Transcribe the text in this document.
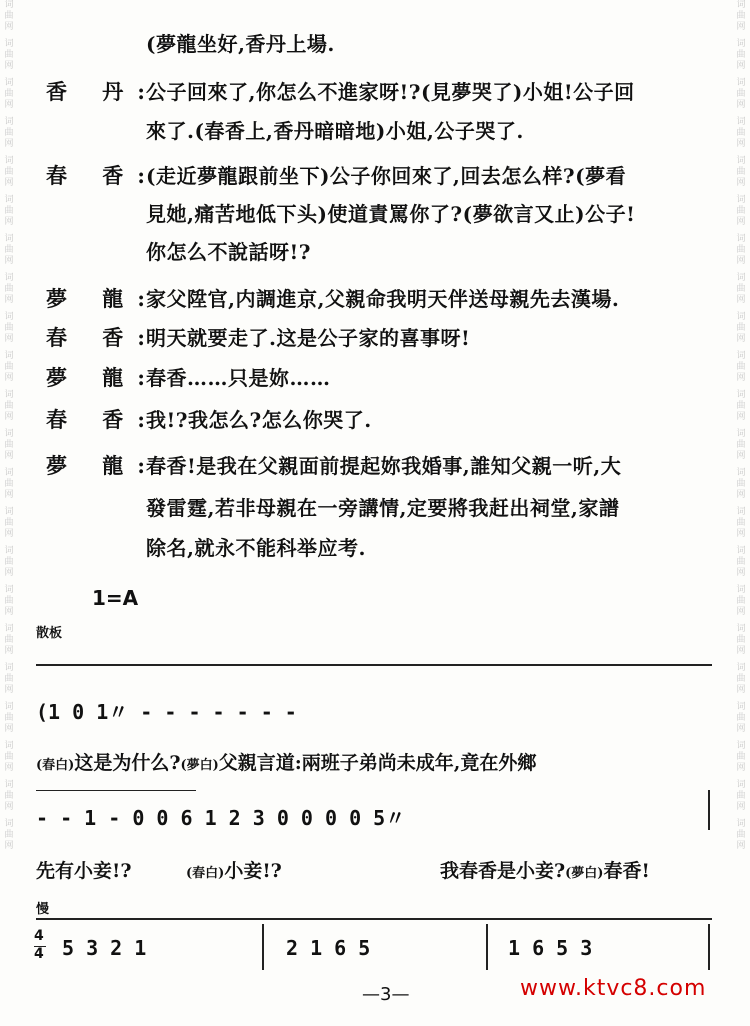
词曲网
词曲网
词曲网
词曲网
词曲网
词曲网
词曲网
词曲网
词曲网
词曲网
词曲网
词曲网
词曲网
词曲网
词曲网
词曲网
词曲网
词曲网
词曲网
词曲网
词曲网
词曲网
词曲网
词曲网
词曲网
词曲网
词曲网
词曲网
词曲网
词曲网
词曲网
词曲网
词曲网
词曲网
词曲网
词曲网
词曲网
词曲网
词曲网
词曲网
词曲网
词曲网
词曲网
词曲网
(夢龍坐好,香丹上場.
香 丹:
公子回來了,你怎么不進家呀!?(見夢哭了)小姐!公子回
來了.(春香上,香丹暗暗地)小姐,公子哭了.
春 香:
(走近夢龍跟前坐下)公子你回來了,回去怎么样?(夢看
見她,痛苦地低下头)使道責罵你了?(夢欲言又止)公子!
你怎么不說話呀!?
夢 龍:
家父陞官,内調進京,父親命我明天伴送母親先去漢場.
春 香:
明天就要走了.这是公子家的喜事呀!
夢 龍:
春香……只是妳……
春 香:
我!?我怎么?怎么你哭了.
夢 龍:
春香!是我在父親面前提起妳我婚事,誰知父親一听,大
發雷霆,若非母親在一旁講情,定要將我赶出祠堂,家譜
除名,就永不能科举应考.
1=A
散板
(1 0 1〃 - - - - - - -
(春白)这是为什么?(夢白)父親言道:兩班子弟尚未成年,竟在外鄉
- - 1 - 0 0 6 1 2 3 0 0 0 0 5〃
先有小妾!?	(春白)小妾!?	我春香是小妾?(夢白)春香!
慢
4
4 5 3 2 1	2 1 6 5	1 6 5 3
—3—	www.ktvc8.com
